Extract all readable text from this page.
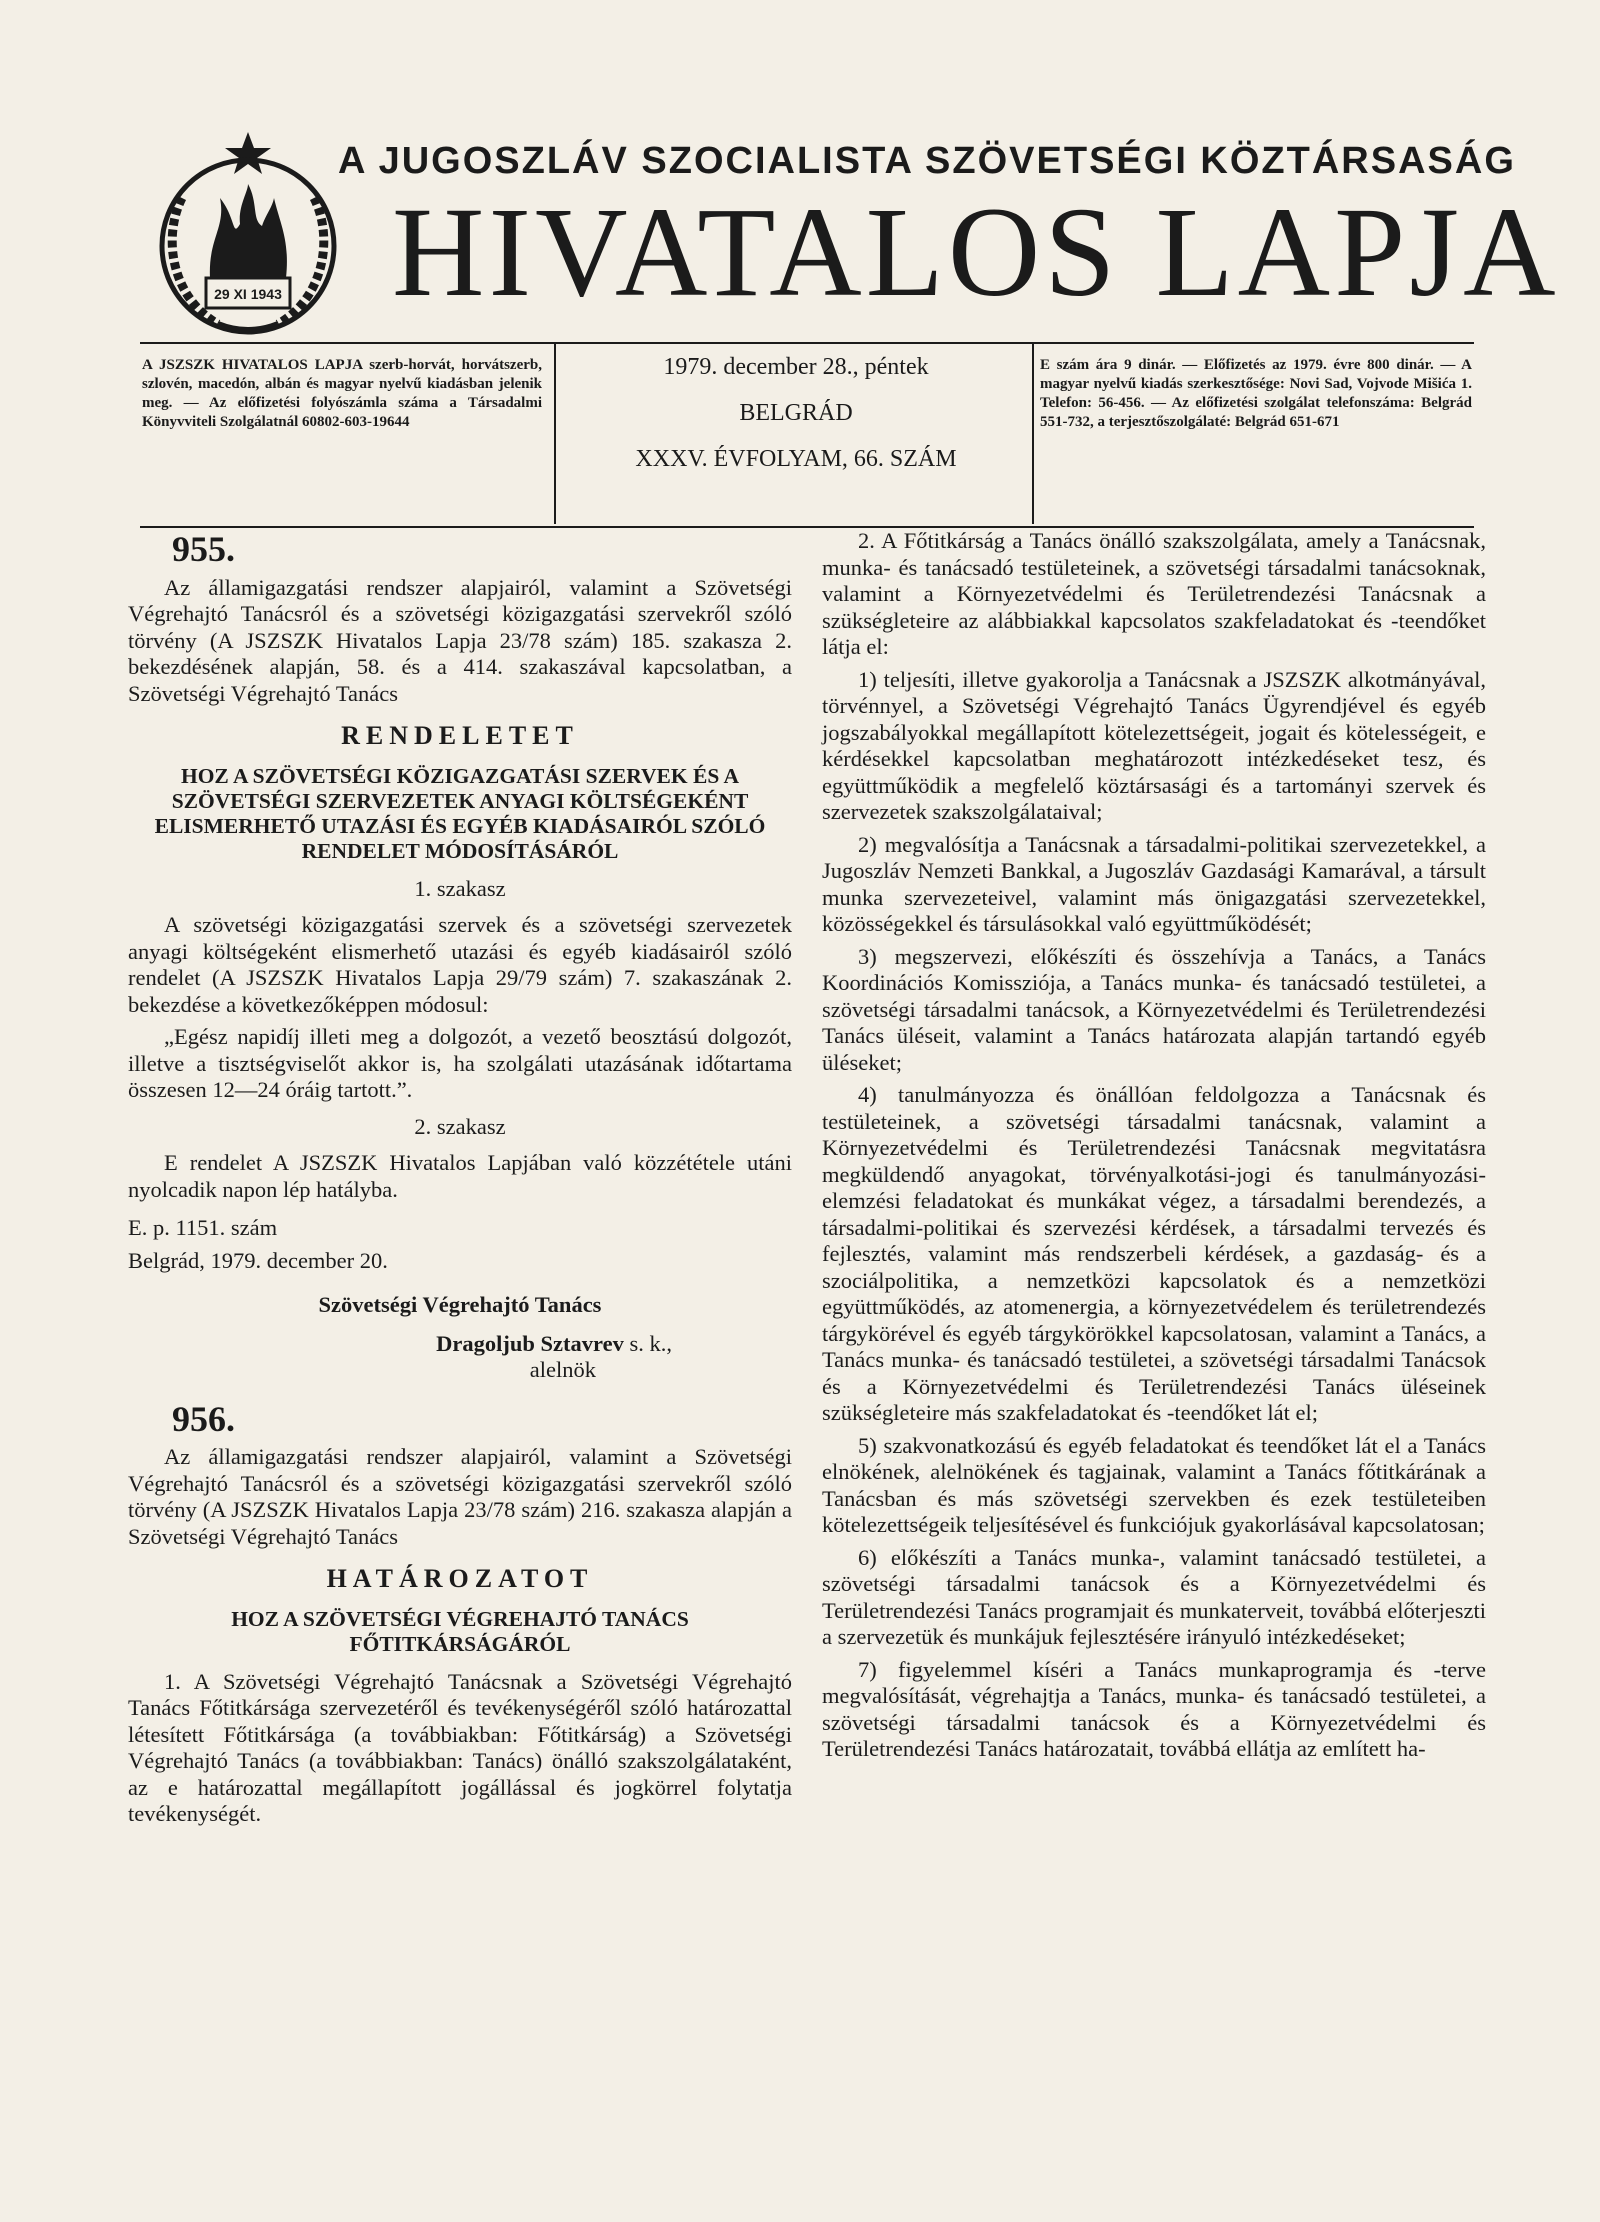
29 XI 1943
A JUGOSZLÁV SZOCIALISTA SZÖVETSÉGI KÖZTÁRSASÁG
HIVATALOS LAPJA
A JSZSZK HIVATALOS LAPJA szerb-horvát, horvátszerb, szlovén, macedón, albán és magyar nyelvű kiadásban jelenik meg. — Az előfizetési folyószámla száma a Társadalmi Könyvviteli Szolgálatnál 60802-603-19644
1979. december 28., péntek
BELGRÁD
XXXV. ÉVFOLYAM, 66. SZÁM
E szám ára 9 dinár. — Előfizetés az 1979. évre 800 dinár. — A magyar nyelvű kiadás szerkesztősége: Novi Sad, Vojvode Mišića 1. Telefon: 56-456. — Az előfizetési szolgálat telefonszáma: Belgrád 551-732, a terjesztőszolgálaté: Belgrád 651-671
955.

Az államigazgatási rendszer alapjairól, valamint a Szövetségi Végrehajtó Tanácsról és a szövetségi közigazgatási szervekről szóló törvény (A JSZSZK Hivatalos Lapja 23/78 szám) 185. szakasza 2. bekezdésének alapján, 58. és a 414. szakaszával kapcsolatban, a Szövetségi Végrehajtó Tanács

RENDELETET
HOZ A SZÖVETSÉGI KÖZIGAZGATÁSI SZERVEK ÉS A SZÖVETSÉGI SZERVEZETEK ANYAGI KÖLTSÉGEKÉNT ELISMERHETŐ UTAZÁSI ÉS EGYÉB KIADÁSAIRÓL SZÓLÓ RENDELET MÓDOSÍTÁSÁRÓL
1. szakasz

A szövetségi közigazgatási szervek és a szövetségi szervezetek anyagi költségeként elismerhető utazási és egyéb kiadásairól szóló rendelet (A JSZSZK Hivatalos Lapja 29/79 szám) 7. szakaszának 2. bekezdése a következőképpen módosul:

„Egész napidíj illeti meg a dolgozót, a vezető beosztású dolgozót, illetve a tisztségviselőt akkor is, ha szolgálati utazásának időtartama összesen 12—24 óráig tartott.”.

2. szakasz

E rendelet A JSZSZK Hivatalos Lapjában való közzététele utáni nyolcadik napon lép hatályba.

E. p. 1151. szám

Belgrád, 1979. december 20.

Szövetségi Végrehajtó Tanács
Dragoljub Sztavrev s. k.,
alelnök
956.

Az államigazgatási rendszer alapjairól, valamint a Szövetségi Végrehajtó Tanácsról és a szövetségi közigazgatási szervekről szóló törvény (A JSZSZK Hivatalos Lapja 23/78 szám) 216. szakasza alapján a Szövetségi Végrehajtó Tanács

HATÁROZATOT
HOZ A SZÖVETSÉGI VÉGREHAJTÓ TANÁCS FŐTITKÁRSÁGÁRÓL

1. A Szövetségi Végrehajtó Tanácsnak a Szövetségi Végrehajtó Tanács Főtitkársága szervezetéről és tevékenységéről szóló határozattal létesített Főtitkársága (a továbbiakban: Főtitkárság) a Szövetségi Végrehajtó Tanács (a továbbiakban: Tanács) önálló szakszolgálataként, az e határozattal megállapított jogállással és jogkörrel folytatja tevékenységét.

2. A Főtitkárság a Tanács önálló szakszolgálata, amely a Tanácsnak, munka- és tanácsadó testületeinek, a szövetségi társadalmi tanácsoknak, valamint a Környezetvédelmi és Területrendezési Tanácsnak a szükségleteire az alábbiakkal kapcsolatos szakfeladatokat és -teendőket látja el:

1) teljesíti, illetve gyakorolja a Tanácsnak a JSZSZK alkotmányával, törvénnyel, a Szövetségi Végrehajtó Tanács Ügyrendjével és egyéb jogszabályokkal megállapított kötelezettségeit, jogait és kötelességeit, e kérdésekkel kapcsolatban meghatározott intézkedéseket tesz, és együttműködik a megfelelő köztársasági és a tartományi szervek és szervezetek szakszolgálataival;

2) megvalósítja a Tanácsnak a társadalmi-politikai szervezetekkel, a Jugoszláv Nemzeti Bankkal, a Jugoszláv Gazdasági Kamarával, a társult munka szervezeteivel, valamint más önigazgatási szervezetekkel, közösségekkel és társulásokkal való együttműködését;

3) megszervezi, előkészíti és összehívja a Tanács, a Tanács Koordinációs Komissziója, a Tanács munka- és tanácsadó testületei, a szövetségi társadalmi tanácsok, a Környezetvédelmi és Területrendezési Tanács üléseit, valamint a Tanács határozata alapján tartandó egyéb üléseket;

4) tanulmányozza és önállóan feldolgozza a Tanácsnak és testületeinek, a szövetségi társadalmi tanácsnak, valamint a Környezetvédelmi és Területrendezési Tanácsnak megvitatásra megküldendő anyagokat, törvényalkotási-jogi és tanulmányozási-elemzési feladatokat és munkákat végez, a társadalmi berendezés, a társadalmi-politikai és szervezési kérdések, a társadalmi tervezés és fejlesztés, valamint más rendszerbeli kérdések, a gazdaság- és a szociálpolitika, a nemzetközi kapcsolatok és a nemzetközi együttműködés, az atomenergia, a környezetvédelem és területrendezés tárgykörével és egyéb tárgykörökkel kapcsolatosan, valamint a Tanács, a Tanács munka- és tanácsadó testületei, a szövetségi társadalmi Tanácsok és a Környezetvédelmi és Területrendezési Tanács üléseinek szükségleteire más szakfeladatokat és -teendőket lát el;

5) szakvonatkozású és egyéb feladatokat és teendőket lát el a Tanács elnökének, alelnökének és tagjainak, valamint a Tanács főtitkárának a Tanácsban és más szövetségi szervekben és ezek testületeiben kötelezettségeik teljesítésével és funkciójuk gyakorlásával kapcsolatosan;

6) előkészíti a Tanács munka-, valamint tanácsadó testületei, a szövetségi társadalmi tanácsok és a Környezetvédelmi és Területrendezési Tanács programjait és munkaterveit, továbbá előterjeszti a szervezetük és munkájuk fejlesztésére irányuló intézkedéseket;

7) figyelemmel kíséri a Tanács munkaprogramja és -terve megvalósítását, végrehajtja a Tanács, munka- és tanácsadó testületei, a szövetségi társadalmi tanácsok és a Környezetvédelmi és Területrendezési Tanács határozatait, továbbá ellátja az említett ha-
